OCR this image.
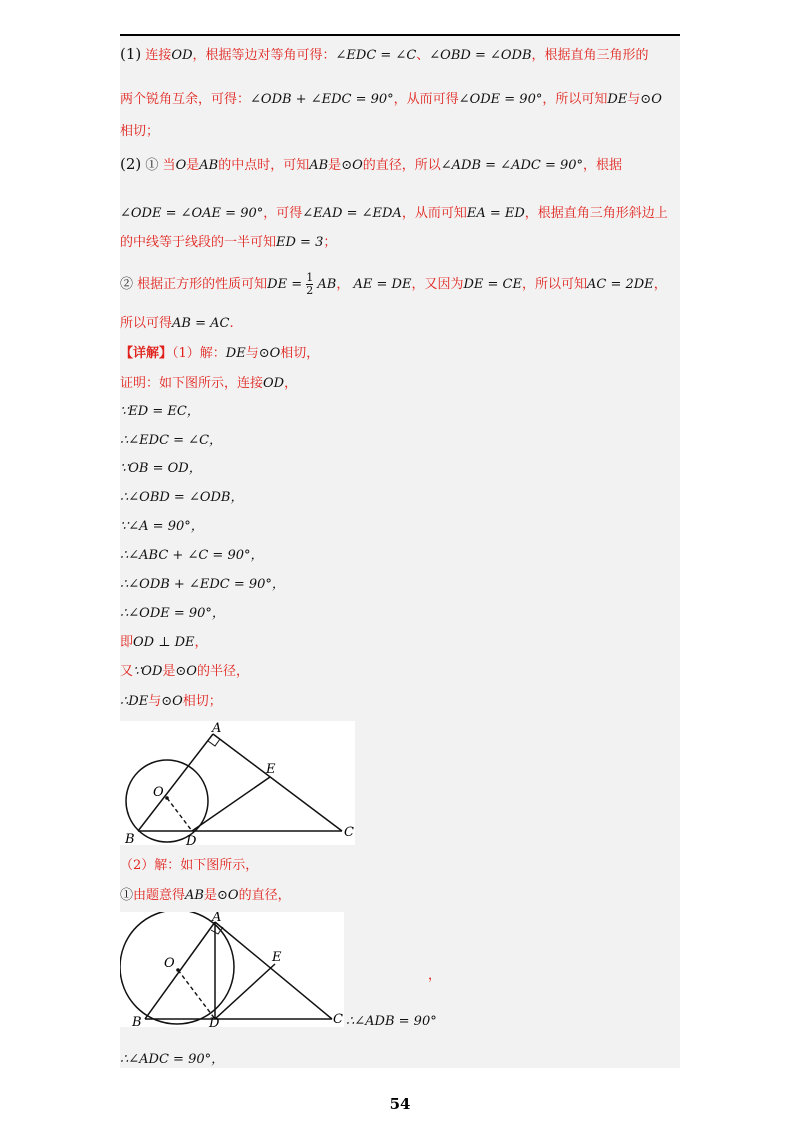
(1) 连接OD，根据等边对等角可得：∠EDC = ∠C、∠OBD = ∠ODB，根据直角三角形的
两个锐角互余，可得：∠ODB + ∠EDC = 90°，从而可得∠ODE = 90°，所以可知DE与⊙O
相切；
(2) ① 当O是AB的中点时，可知AB是⊙O的直径，所以∠ADB = ∠ADC = 90°，根据
∠ODE = ∠OAE = 90°，可得∠EAD = ∠EDA，从而可知EA = ED，根据直角三角形斜边上
的中线等于线段的一半可知ED = 3；
② 根据正方形的性质可知DE = $\frac{1}{2}$ AB， AE = DE，又因为DE = CE，所以可知AC = 2DE，
所以可得AB = AC.
【详解】（1）解：DE与⊙O相切，
证明：如下图所示，连接OD，
∵ED = EC，
∴∠EDC = ∠C，
∵OB = OD，
∴∠OBD = ∠ODB，
∵∠A = 90°，
∴∠ABC + ∠C = 90°，
∴∠ODB + ∠EDC = 90°，
∴∠ODE = 90°，
即OD ⊥ DE，
又∵OD是⊙O的半径，
∴DE与⊙O相切；
A
B	C
D
E
O
（2）解：如下图所示，
①由题意得AB是⊙O的直径，
A
B	C
D
E
O
，
∴∠ADB = 90°
∴∠ADC = 90°，
54
